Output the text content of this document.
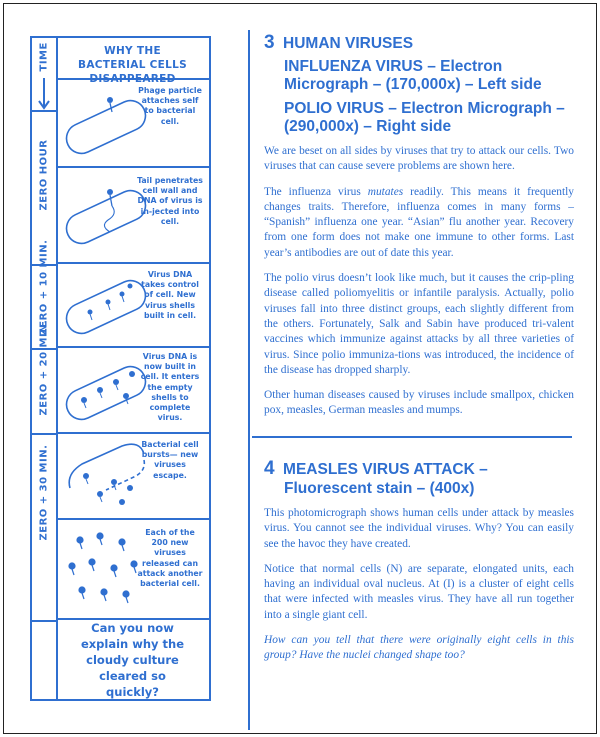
TIME
ZERO HOUR
ZERO + 10 MIN.
ZERO + 20 MIN.
ZERO + 30 MIN.
WHY THE BACTERIAL CELLS DISAPPEARED
Phage particle attaches self to bacterial cell.
Tail penetrates cell wall and DNA of virus is in-jected into cell.
Virus DNA takes control of cell. New virus shells built in cell.
Virus DNA is now built in cell. It enters the empty shells to complete virus.
Bacterial cell bursts— new viruses escape.
Each of the 200 new viruses released can attack another bacterial cell.
Can you now explain why the cloudy culture cleared so quickly?
3 HUMAN VIRUSES
INFLUENZA VIRUS – Electron Micrograph – (170,000x) – Left side
POLIO VIRUS – Electron Micrograph – (290,000x) – Right side

We are beset on all sides by viruses that try to attack our cells. Two viruses that can cause severe problems are shown here.

The influenza virus mutates readily. This means it frequently changes traits. Therefore, influenza comes in many forms – “Spanish” influenza one year. “Asian” flu another year. Recovery from one form does not make one immune to other forms. Last year’s antibodies are out of date this year.

The polio virus doesn’t look like much, but it causes the crip-pling disease called poliomyelitis or infantile paralysis. Actually, polio viruses fall into three distinct groups, each slightly different from the others. Fortunately, Salk and Sabin have produced tri-valent vaccines which immunize against attacks by all three varieties of virus. Since polio immuniza-tions was introduced, the incidence of the disease has dropped sharply.

Other human diseases caused by viruses include smallpox, chicken pox, measles, German measles and mumps.

4 MEASLES VIRUS ATTACK –
Fluorescent stain – (400x)

This photomicrograph shows human cells under attack by measles virus. You cannot see the individual viruses. Why? You can easily see the havoc they have created.

Notice that normal cells (N) are separate, elongated units, each having an individual oval nucleus. At (I) is a cluster of eight cells that were infected with measles virus. They have all run together into a single giant cell.

How can you tell that there were originally eight cells in this group? Have the nuclei changed shape too?
